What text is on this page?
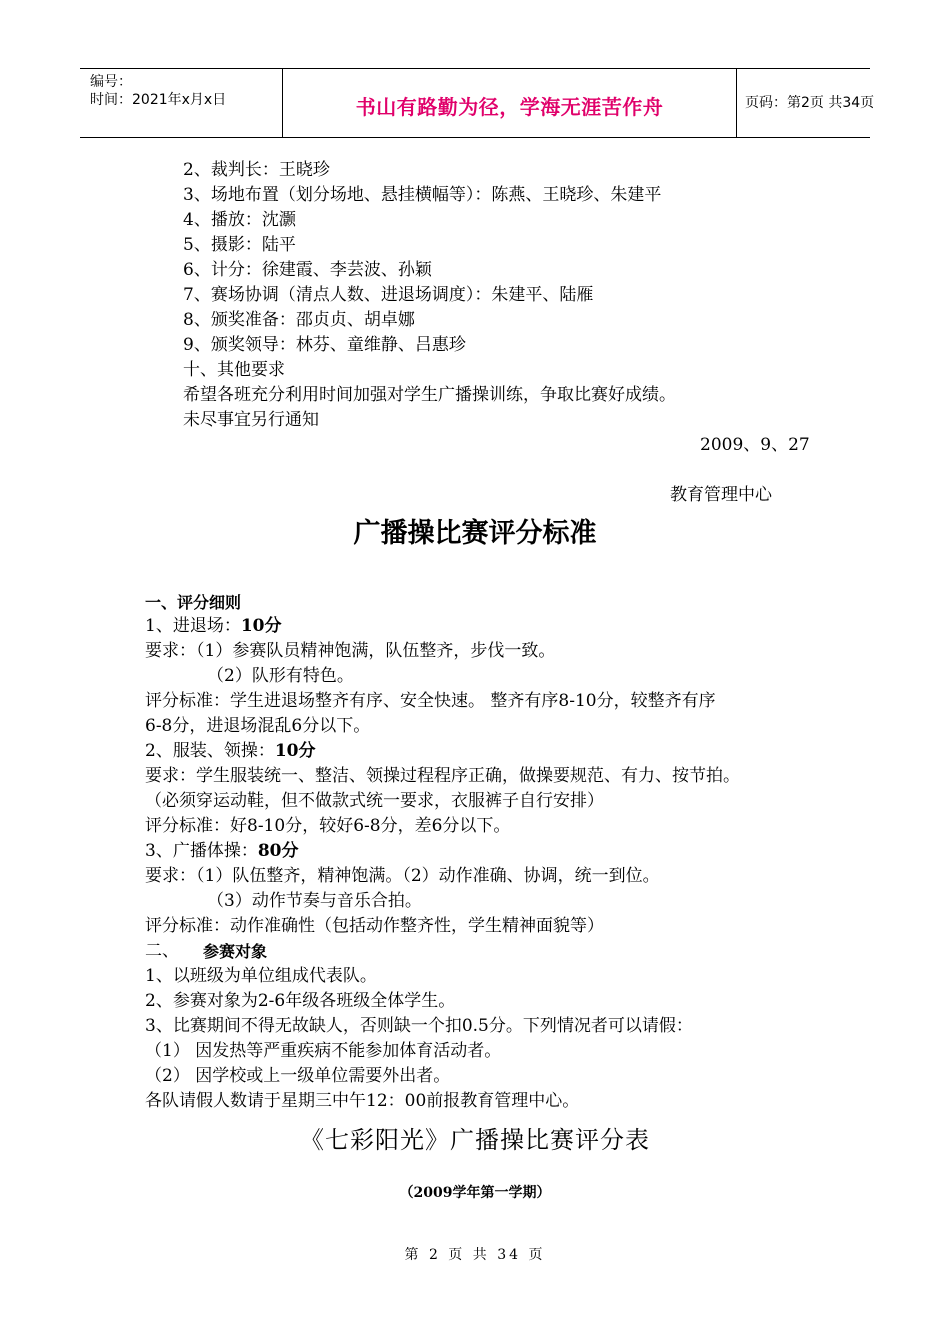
编号：
时间：2021年x月x日	书山有路勤为径，学海无涯苦作舟	页码：第2页 共34页
2、裁判长：王晓珍
3、场地布置（划分场地、悬挂横幅等）：陈燕、王晓珍、朱建平
4、播放：沈灏
5、摄影：陆平
6、计分：徐建霞、李芸波、孙颖
7、赛场协调（清点人数、进退场调度）：朱建平、陆雁
8、颁奖准备：邵贞贞、胡卓娜
9、颁奖领导：林芬、童维静、吕惠珍
十、其他要求
希望各班充分利用时间加强对学生广播操训练，争取比赛好成绩。
未尽事宜另行通知
2009、9、27
教育管理中心
广播操比赛评分标准
一、评分细则
1、进退场：10分
要求：（1）参赛队员精神饱满，队伍整齐，步伐一致。
（2）队形有特色。
评分标准：学生进退场整齐有序、安全快速。 整齐有序8-10分，较整齐有序
6-8分，进退场混乱6分以下。
2、服装、领操：10分
要求：学生服装统一、整洁、领操过程程序正确，做操要规范、有力、按节拍。
（必须穿运动鞋，但不做款式统一要求，衣服裤子自行安排）
评分标准：好8-10分，较好6-8分，差6分以下。
3、广播体操：80分
要求：（1）队伍整齐，精神饱满。（2）动作准确、协调，统一到位。
（3）动作节奏与音乐合拍。
评分标准：动作准确性（包括动作整齐性，学生精神面貌等）
二、 参赛对象
1、以班级为单位组成代表队。
2、参赛对象为2-6年级各班级全体学生。
3、比赛期间不得无故缺人，否则缺一个扣0.5分。下列情况者可以请假：
（1） 因发热等严重疾病不能参加体育活动者。
（2） 因学校或上一级单位需要外出者。
各队请假人数请于星期三中午12：00前报教育管理中心。
《七彩阳光》广播操比赛评分表
（2009学年第一学期）
第 2 页 共 34 页
